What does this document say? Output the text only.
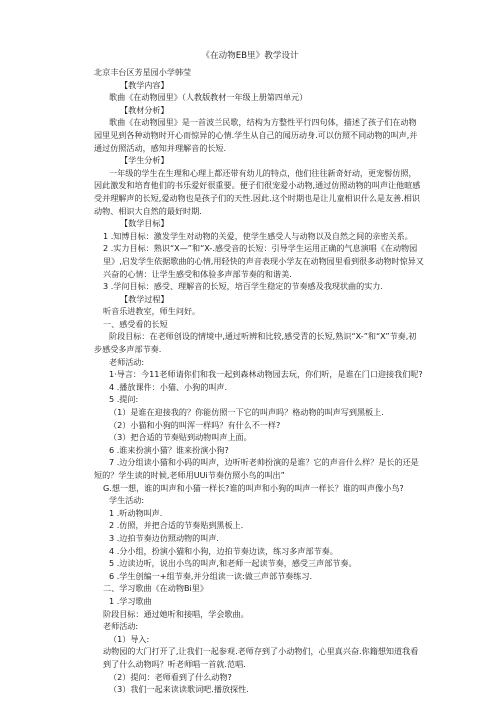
《在动物EB里》教学设计

北京丰台区芳星园小学韩莹

【教学内容】

歌曲《在动物园里》（人教版教材一年级上册第四单元）

【教材分析】

歌曲《在动物园里》是一首波兰民歌，结构为方整性平行四句体，描述了孩子们在动物园里见到各种动物时开心而惊异的心情.学生从自己的闻历动身.可以仿照不同动物的叫声,并通过仿照活动，感知并理解音的长短.

【学生分析】

一年级的学生在生理和心理上都还带有幼儿的特点，他们往往新奇好动，更宠髻仿照，因此激发和培育他们的书乐爱好很重要。便子们很宠爱小动物,通过仿照动物的叫声让他暄感受并理解声的长短,爱动物也是孩子们的天性.因此.这个时期也是让儿童相识什么是友善.相识动物、相识大自然的最好时期.

【数学目标】

1 .知博目标：激发学生对动物的关爱，使学生感受人与动物以及自然之间的亲密关系。

2 .实力目标：熟识“X—”和“X-.感受音的长短：引导学生运用正确的气息演唱《在动物园里》,启发学生依据歌曲的心情,用轻快的声音表现小学友在动物园里看到很多动物时惊异又兴奋的心情：让学生感受和体验多声部节奏的和谐美.

3 .学问目标：感受、理解音的长短，培百学生稳定的节奏感及我现状曲的实力.

【教学过程】

听音乐进教室，师生问好。

一、感受看的长短

阶段目标：在老师创设的情境中,通过听辨和比较,感受青的长短,熟识“X-”和“X”节奏,初步感受多声部节奏.

老师活动:

1·导言：今11老师请你们和我一起到森林动物园去玩，你们听，是谁在门口迎接我们呢?

4 .播放课件：小猫、小狗的叫声.

5 .提问:

（1）是谁在迎接我的？你能仿照一下它的叫声吗？格动物的叫声写到黑板上.

（2）小猫和小狗的叫浑一样吗？有什么不一样?

（3）把合适的节奏贴到动物叫声上面。

6 .谁来扮演小猫？谁来扮演小狗?

7 .边分组读小猫和小码的叫声，边听听老帅扮演的是谁？它的声音什么样？是长的还是短的？学生读的时候,老师用UUi节奏仿照小鸟的叫出”

G.想一想，谁的叫声和小猫一样长?谁的叫声和小狗的叫声一样长？谁的叫声像小鸟?

学生活动:

1 .听动物叫声.

2 .仿照，并把合适的节奏贴到黑板上.

3 .边拍节奏边仿照动物的叫声.

4 .分小组，扮演小猫和小狗，边拍节奏边读，练习多声部节奏。

5 .边读边听，说出小鸟的叫声,和老师一起读节奏，感受三声部节奏。

6 .学生创编一+组节奏,并分组读一读:做三声部节奏练习.

二、学习歌曲《在动物Bi里》

1 .学习歌曲

阶段目标：通过她听和接唱，学会歌曲。

老师活动:

（1）导入:

动物园的大门打开了,让我们一起参观.老师存到了小动物们，心里真兴奋.你籍想知道我看到了什么动物吗？听老师唱一首就.范唱.

（2）提问：老师看到了什么动物?

（3）我们一起来读读歌词吧.播放探性.
